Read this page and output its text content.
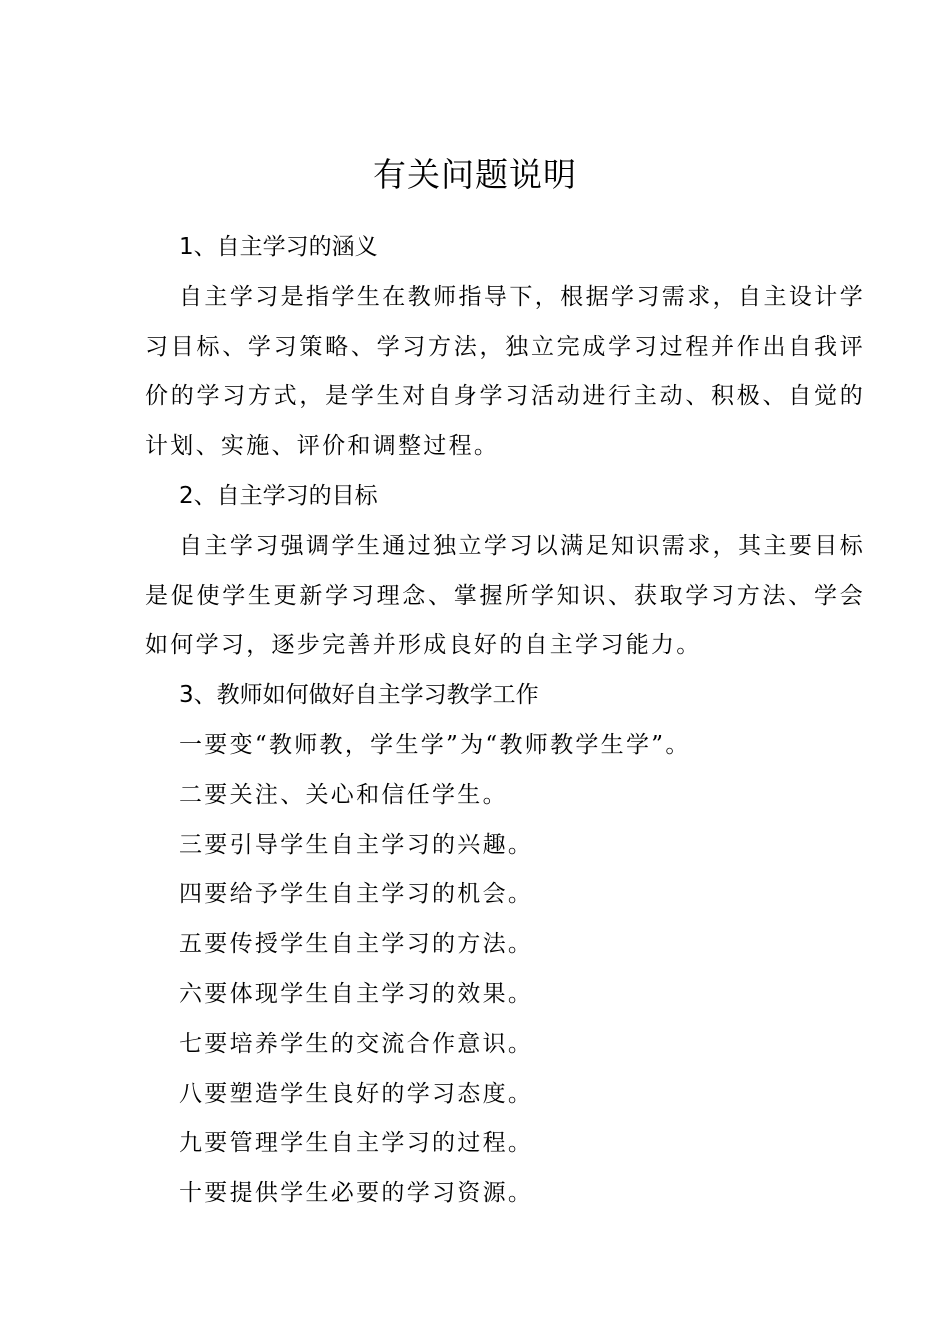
有关问题说明
1、自主学习的涵义

自主学习是指学生在教师指导下，根据学习需求，自主设计学习目标、学习策略、学习方法，独立完成学习过程并作出自我评价的学习方式，是学生对自身学习活动进行主动、积极、自觉的计划、实施、评价和调整过程。

2、自主学习的目标

自主学习强调学生通过独立学习以满足知识需求，其主要目标是促使学生更新学习理念、掌握所学知识、获取学习方法、学会如何学习，逐步完善并形成良好的自主学习能力。

3、教师如何做好自主学习教学工作

一要变“教师教，学生学”为“教师教学生学”。

二要关注、关心和信任学生。

三要引导学生自主学习的兴趣。

四要给予学生自主学习的机会。

五要传授学生自主学习的方法。

六要体现学生自主学习的效果。

七要培养学生的交流合作意识。

八要塑造学生良好的学习态度。

九要管理学生自主学习的过程。

十要提供学生必要的学习资源。
